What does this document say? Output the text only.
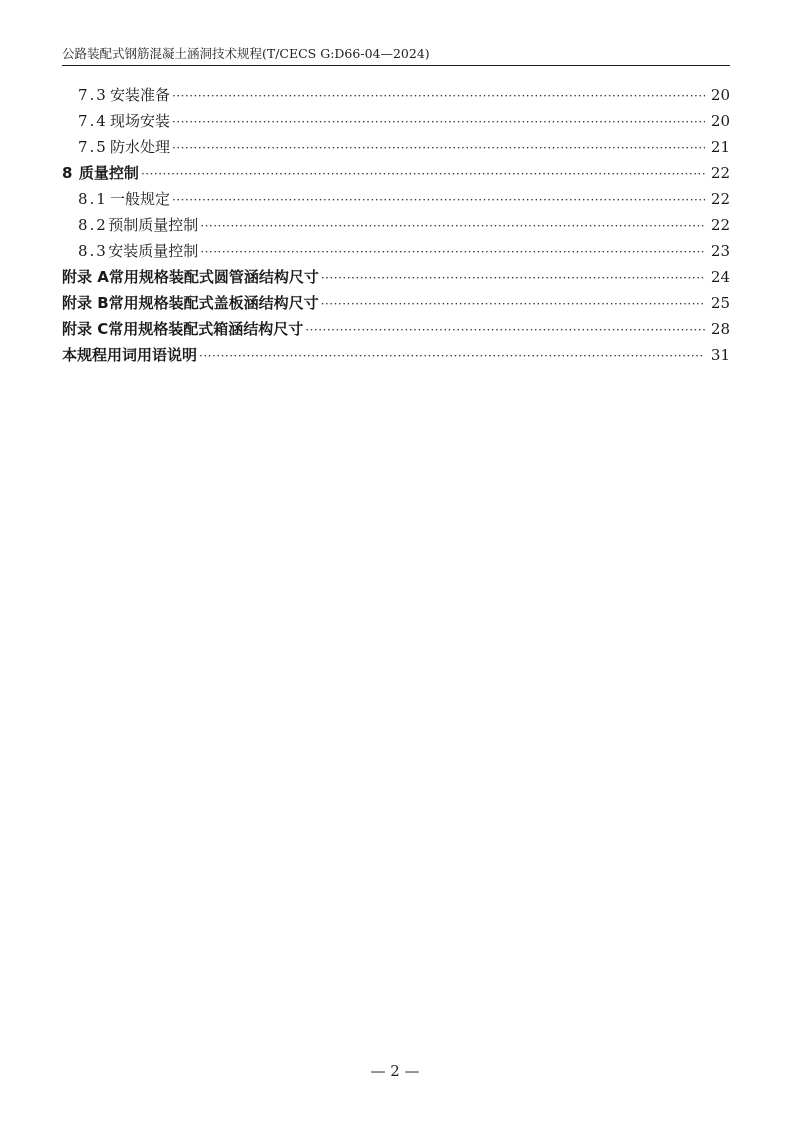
公路装配式钢筋混凝土涵洞技术规程(T/CECS G:D66-04—2024)
7.3 安装准备 ·····	20
7.4 现场安装 ·····	20
7.5 防水处理 ·····	21
8 质量控制 ·····	22
8.1 一般规定 ·····	22
8.2 预制质量控制 ·····	22
8.3 安装质量控制 ·····	23
附录 A 常用规格装配式圆管涵结构尺寸 ·····	24
附录 B 常用规格装配式盖板涵结构尺寸 ·····	25
附录 C 常用规格装配式箱涵结构尺寸 ·····	28
本规程用词用语说明 ·····	31
— 2 —
